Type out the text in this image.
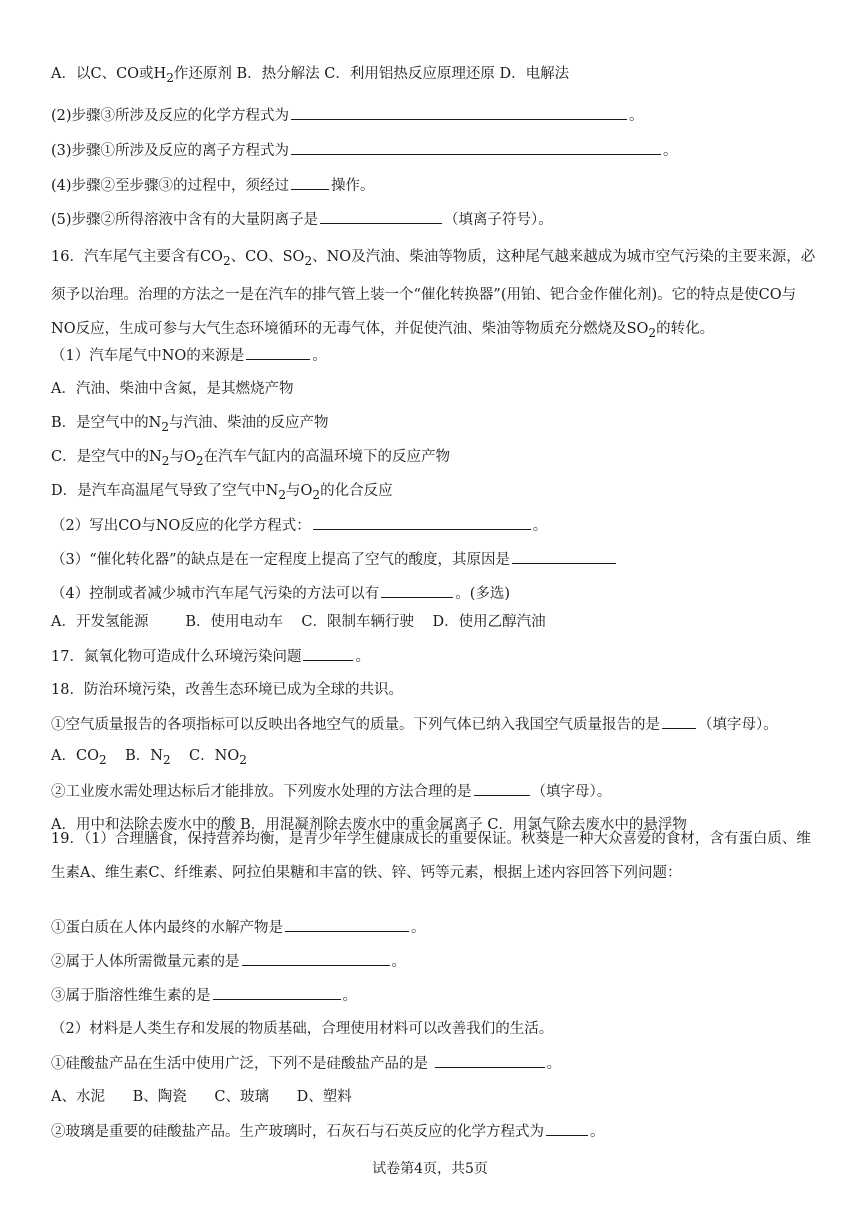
A．以C、CO或$H_2$作还原剂 B．热分解法 C．利用铝热反应原理还原 D．电解法
(2)步骤③所涉及反应的化学方程式为	。
(3)步骤①所涉及反应的离子方程式为	。
(4)步骤②至步骤③的过程中，须经过	操作。
(5)步骤②所得溶液中含有的大量阴离子是	（填离子符号）。
16．汽车尾气主要含有$CO_2$、CO、$SO_2$、NO及汽油、柴油等物质，这种尾气越来越成为城市空气污染的主要来源，必须予以治理。治理的方法之一是在汽车的排气管上装一个“催化转换器”(用铂、钯合金作催化剂)。它的特点是使CO与NO反应，生成可参与大气生态环境循环的无毒气体，并促使汽油、柴油等物质充分燃烧及$SO_2$的转化。
（1）汽车尾气中NO的来源是	。
A．汽油、柴油中含氮，是其燃烧产物
B．是空气中的$N_2$与汽油、柴油的反应产物
C．是空气中的$N_2$与$O_2$在汽车气缸内的高温环境下的反应产物
D．是汽车高温尾气导致了空气中$N_2$与$O_2$的化合反应
（2）写出CO与NO反应的化学方程式：	。
（3）“催化转化器”的缺点是在一定程度上提高了空气的酸度，其原因是
（4）控制或者减少城市汽车尾气污染的方法可以有	。(多选)
A．开发氢能源        B．使用电动车    C．限制车辆行驶    D．使用乙醇汽油
17．氮氧化物可造成什么环境污染问题	。
18．防治环境污染，改善生态环境已成为全球的共识。
①空气质量报告的各项指标可以反映出各地空气的质量。下列气体已纳入我国空气质量报告的是	（填字母）。
A．$CO_2$    B．$N_2$    C．$NO_2$
②工业废水需处理达标后才能排放。下列废水处理的方法合理的是	（填字母）。
A．用中和法除去废水中的酸 B．用混凝剂除去废水中的重金属离子 C．用氯气除去废水中的悬浮物
19．（1）合理膳食，保持营养均衡，是青少年学生健康成长的重要保证。秋葵是一种大众喜爱的食材，含有蛋白质、维生素A、维生素C、纤维素、阿拉伯果糖和丰富的铁、锌、钙等元素，根据上述内容回答下列问题：
①蛋白质在人体内最终的水解产物是	。
②属于人体所需微量元素的是	。
③属于脂溶性维生素的是	。
（2）材料是人类生存和发展的物质基础，合理使用材料可以改善我们的生活。
①硅酸盐产品在生活中使用广泛，下列不是硅酸盐产品的是	。
A、水泥      B、陶瓷      C、玻璃      D、塑料
②玻璃是重要的硅酸盐产品。生产玻璃时，石灰石与石英反应的化学方程式为	。
试卷第4页，共5页
